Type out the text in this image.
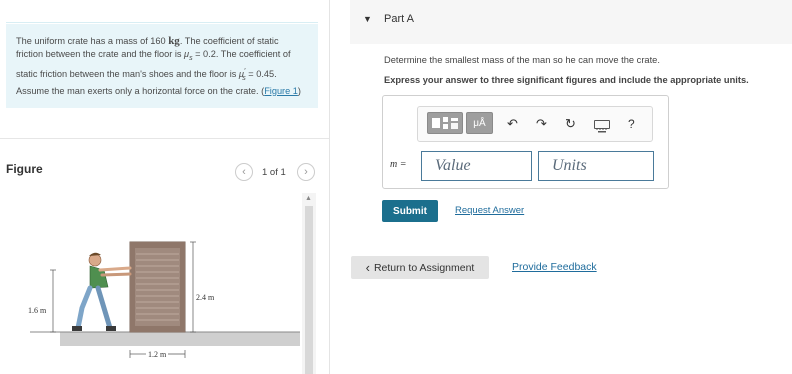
The uniform crate has a mass of 160 kg. The coefficient of static friction between the crate and the floor is $\mu_s = 0.2$. The coefficient of static friction between the man's shoes and the floor is $\mu'_s = 0.45$. Assume the man exerts only a horizontal force on the crate. (Figure 1)
Figure	‹ 1 of 1 ›
2.4 m
1.6 m
1.2 m
▲
▼ Part A
Determine the smallest mass of the man so he can move the crate.
Express your answer to three significant figures and include the appropriate units.
μÅ	↶ ↷ ↻	?
m =	Value	Units
Submit	Request Answer
‹ Return to Assignment	Provide Feedback
